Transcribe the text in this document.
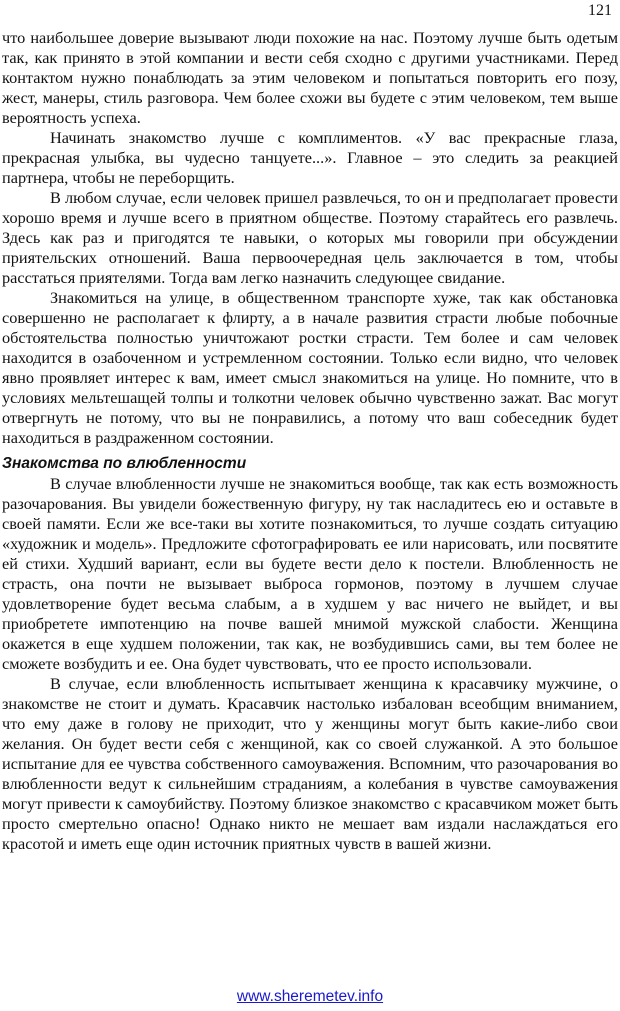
121

что наибольшее доверие вызывают люди похожие на нас. Поэтому лучше быть одетым так, как принято в этой компании и вести себя сходно с другими участниками. Перед контактом нужно понаблюдать за этим человеком и попытаться повторить его позу, жест, манеры, стиль разговора. Чем более схожи вы будете с этим человеком, тем выше вероятность успеха.

Начинать знакомство лучше с комплиментов. «У вас прекрасные глаза, прекрасная улыбка, вы чудесно танцуете...». Главное – это следить за реакцией партнера, чтобы не переборщить.

В любом случае, если человек пришел развлечься, то он и предполагает провести хорошо время и лучше всего в приятном обществе. Поэтому старайтесь его развлечь. Здесь как раз и пригодятся те навыки, о которых мы говорили при обсуждении приятельских отношений. Ваша первоочередная цель заключается в том, чтобы расстаться приятелями. Тогда вам легко назначить следующее свидание.

Знакомиться на улице, в общественном транспорте хуже, так как обстановка совершенно не располагает к флирту, а в начале развития страсти любые побочные обстоятельства полностью уничтожают ростки страсти. Тем более и сам человек находится в озабоченном и устремленном состоянии. Только если видно, что человек явно проявляет интерес к вам, имеет смысл знакомиться на улице. Но помните, что в условиях мельтешащей толпы и толкотни человек обычно чувственно зажат. Вас могут отвергнуть не потому, что вы не понравились, а потому что ваш собеседник будет находиться в раздраженном состоянии.

Знакомства по влюбленности

В случае влюбленности лучше не знакомиться вообще, так как есть возможность разочарования. Вы увидели божественную фигуру, ну так насладитесь ею и оставьте в своей памяти. Если же все-таки вы хотите познакомиться, то лучше создать ситуацию «художник и модель». Предложите сфотографировать ее или нарисовать, или посвятите ей стихи. Худший вариант, если вы будете вести дело к постели. Влюбленность не страсть, она почти не вызывает выброса гормонов, поэтому в лучшем случае удовлетворение будет весьма слабым, а в худшем у вас ничего не выйдет, и вы приобретете импотенцию на почве вашей мнимой мужской слабости. Женщина окажется в еще худшем положении, так как, не возбудившись сами, вы тем более не сможете возбудить и ее. Она будет чувствовать, что ее просто использовали.

В случае, если влюбленность испытывает женщина к красавчику мужчине, о знакомстве не стоит и думать. Красавчик настолько избалован всеобщим вниманием, что ему даже в голову не приходит, что у женщины могут быть какие-либо свои желания. Он будет вести себя с женщиной, как со своей служанкой. А это большое испытание для ее чувства собственного самоуважения. Вспомним, что разочарования во влюбленности ведут к сильнейшим страданиям, а колебания в чувстве самоуважения могут привести к самоубийству. Поэтому близкое знакомство с красавчиком может быть просто смертельно опасно! Однако никто не мешает вам издали наслаждаться его красотой и иметь еще один источник приятных чувств в вашей жизни.

www.sheremetev.info
